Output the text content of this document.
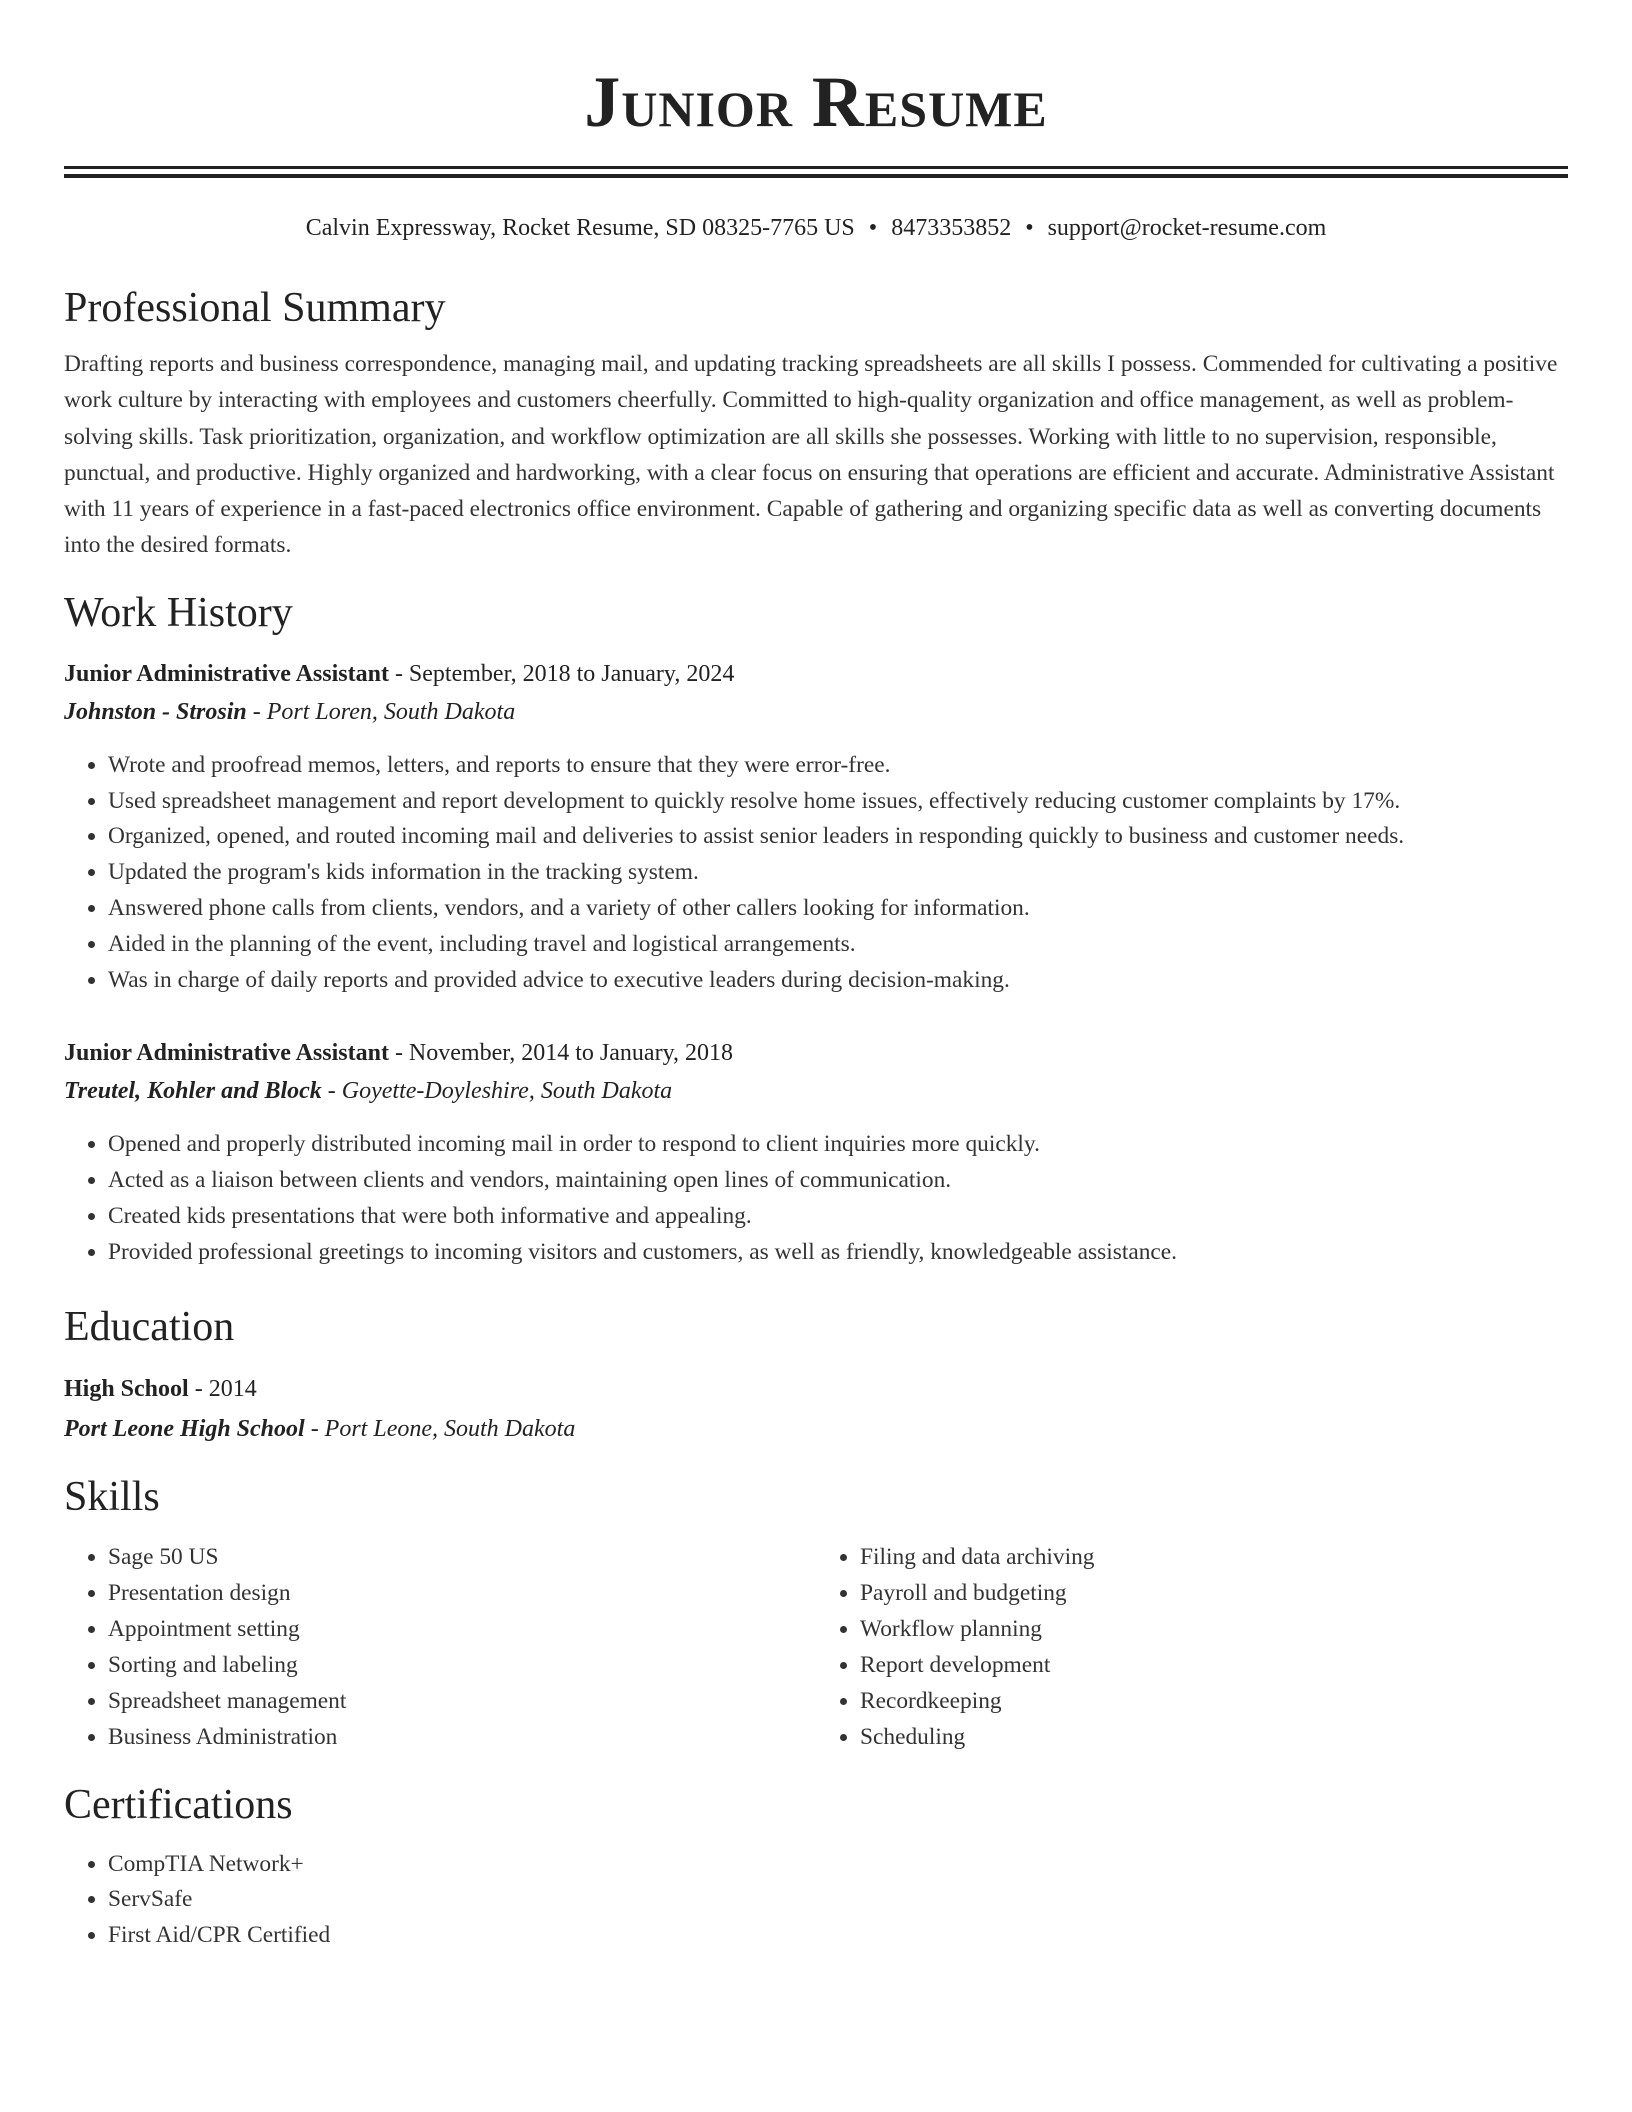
Junior Resume
Calvin Expressway, Rocket Resume, SD 08325-7765 US • 8473353852 • support@rocket-resume.com
Professional Summary
Drafting reports and business correspondence, managing mail, and updating tracking spreadsheets are all skills I possess. Commended for cultivating a positive work culture by interacting with employees and customers cheerfully. Committed to high-quality organization and office management, as well as problem-solving skills. Task prioritization, organization, and workflow optimization are all skills she possesses. Working with little to no supervision, responsible, punctual, and productive. Highly organized and hardworking, with a clear focus on ensuring that operations are efficient and accurate. Administrative Assistant with 11 years of experience in a fast-paced electronics office environment. Capable of gathering and organizing specific data as well as converting documents into the desired formats.
Work History
Junior Administrative Assistant - September, 2018 to January, 2024
Johnston - Strosin - Port Loren, South Dakota
• Wrote and proofread memos, letters, and reports to ensure that they were error-free.
• Used spreadsheet management and report development to quickly resolve home issues, effectively reducing customer complaints by 17%.
• Organized, opened, and routed incoming mail and deliveries to assist senior leaders in responding quickly to business and customer needs.
• Updated the program's kids information in the tracking system.
• Answered phone calls from clients, vendors, and a variety of other callers looking for information.
• Aided in the planning of the event, including travel and logistical arrangements.
• Was in charge of daily reports and provided advice to executive leaders during decision-making.
Junior Administrative Assistant - November, 2014 to January, 2018
Treutel, Kohler and Block - Goyette-Doyleshire, South Dakota
• Opened and properly distributed incoming mail in order to respond to client inquiries more quickly.
• Acted as a liaison between clients and vendors, maintaining open lines of communication.
• Created kids presentations that were both informative and appealing.
• Provided professional greetings to incoming visitors and customers, as well as friendly, knowledgeable assistance.
Education
High School - 2014
Port Leone High School - Port Leone, South Dakota
Skills
• Sage 50 US
• Presentation design
• Appointment setting
• Sorting and labeling
• Spreadsheet management
• Business Administration
• Filing and data archiving
• Payroll and budgeting
• Workflow planning
• Report development
• Recordkeeping
• Scheduling
Certifications
• CompTIA Network+
• ServSafe
• First Aid/CPR Certified
